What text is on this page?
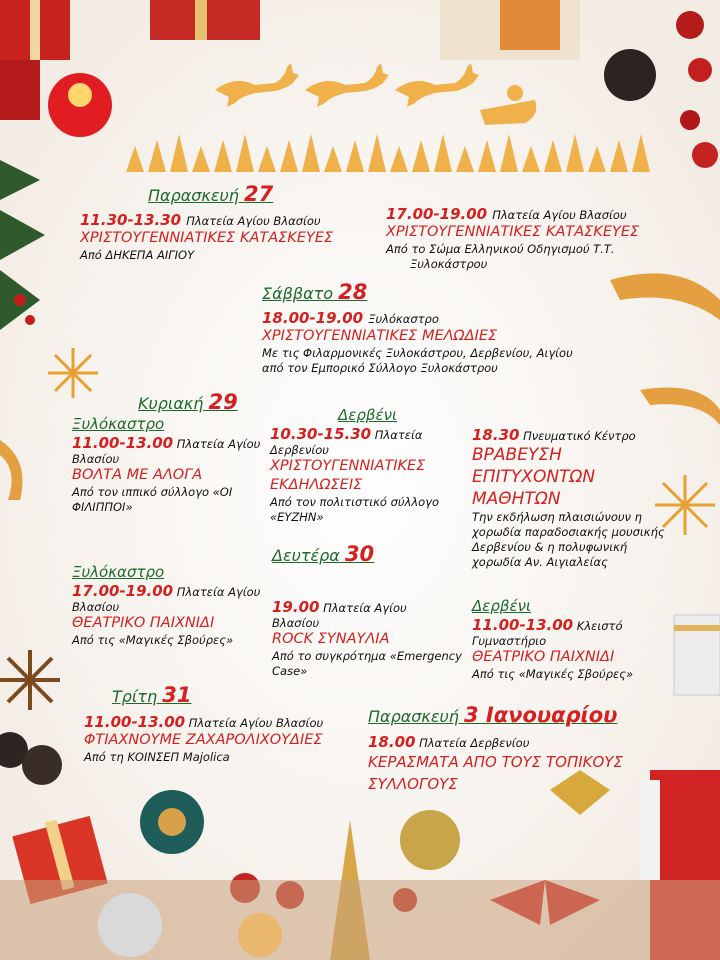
Παρασκευή 27
11.30-13.30 Πλατεία Αγίου Βλασίου
ΧΡΙΣΤΟΥΓΕΝΝΙΑΤΙΚΕΣ ΚΑΤΑΣΚΕΥΕΣ
Από ΔΗΚΕΠΑ ΑΙΓΙΟΥ
17.00-19.00 Πλατεία Αγίου Βλασίου
ΧΡΙΣΤΟΥΓΕΝΝΙΑΤΙΚΕΣ ΚΑΤΑΣΚΕΥΕΣ
Από το Σώμα Ελληνικού Οδηγισμού Τ.Τ.
Ξυλοκάστρου
Σάββατο 28
18.00-19.00 Ξυλόκαστρο
ΧΡΙΣΤΟΥΓΕΝΝΙΑΤΙΚΕΣ ΜΕΛΩΔΙΕΣ
Με τις Φιλαρμονικές Ξυλοκάστρου, Δερβενίου, Αιγίου
από τον Εμπορικό Σύλλογο Ξυλοκάστρου
Κυριακή 29
Ξυλόκαστρο
11.00-13.00 Πλατεία Αγίου
Βλασίου
ΒΟΛΤΑ ΜΕ ΑΛΟΓΑ
Από τον ιππικό σύλλογο «ΟΙ
ΦΙΛΙΠΠΟΙ»
Δερβένι
10.30-15.30 Πλατεία
Δερβενίου
ΧΡΙΣΤΟΥΓΕΝΝΙΑΤΙΚΕΣ
ΕΚΔΗΛΩΣΕΙΣ
Από τον πολιτιστικό σύλλογο
«ΕΥΖΗΝ»
18.30 Πνευματικό Κέντρο
ΒΡΑΒΕΥΣΗ
ΕΠΙΤΥΧΟΝΤΩΝ
ΜΑΘΗΤΩΝ
Την εκδήλωση πλαισιώνουν η
χορωδία παραδοσιακής μουσικής
Δερβενίου & η πολυφωνική
χορωδία Αν. Αιγιαλείας
Ξυλόκαστρο
17.00-19.00 Πλατεία Αγίου
Βλασίου
ΘΕΑΤΡΙΚΟ ΠΑΙΧΝΙΔΙ
Από τις «Μαγικές Σβούρες»
Δευτέρα 30
19.00 Πλατεία Αγίου
Βλασίου
ROCK ΣΥΝΑΥΛΙΑ
Από το συγκρότημα «Emergency
Case»
Δερβένι
11.00-13.00 Κλειστό
Γυμναστήριο
ΘΕΑΤΡΙΚΟ ΠΑΙΧΝΙΔΙ
Από τις «Μαγικές Σβούρες»
Τρίτη 31
11.00-13.00 Πλατεία Αγίου Βλασίου
ΦΤΙΑΧΝΟΥΜΕ ΖΑΧΑΡΟΛΙΧΟΥΔΙΕΣ
Από τη ΚΟΙΝΣΕΠ Majolica
Παρασκευή 3 Ιανουαρίου
18.00 Πλατεία Δερβενίου
ΚΕΡΑΣΜΑΤΑ ΑΠΟ ΤΟΥΣ ΤΟΠΙΚΟΥΣ
ΣΥΛΛΟΓΟΥΣ
